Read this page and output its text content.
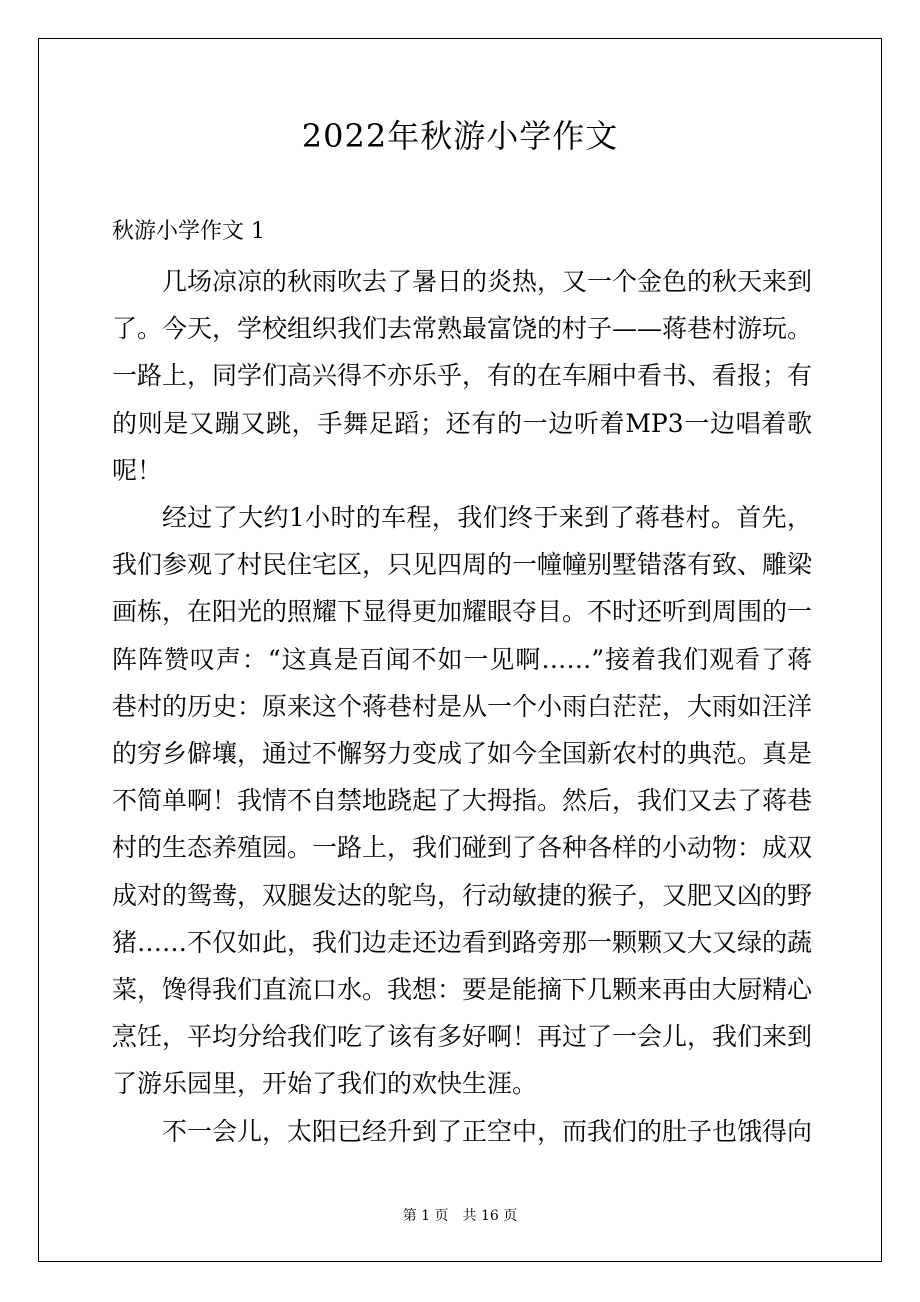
2022年秋游小学作文
秋游小学作文 1

几场凉凉的秋雨吹去了暑日的炎热，又一个金色的秋天来到了。今天，学校组织我们去常熟最富饶的村子——蒋巷村游玩。一路上，同学们高兴得不亦乐乎，有的在车厢中看书、看报；有的则是又蹦又跳，手舞足蹈；还有的一边听着MP3一边唱着歌呢！

经过了大约1小时的车程，我们终于来到了蒋巷村。首先，我们参观了村民住宅区，只见四周的一幢幢别墅错落有致、雕梁画栋，在阳光的照耀下显得更加耀眼夺目。不时还听到周围的一阵阵赞叹声：“这真是百闻不如一见啊……”接着我们观看了蒋巷村的历史：原来这个蒋巷村是从一个小雨白茫茫，大雨如汪洋的穷乡僻壤，通过不懈努力变成了如今全国新农村的典范。真是不简单啊！我情不自禁地跷起了大拇指。然后，我们又去了蒋巷村的生态养殖园。一路上，我们碰到了各种各样的小动物：成双成对的鸳鸯，双腿发达的鸵鸟，行动敏捷的猴子，又肥又凶的野猪……不仅如此，我们边走还边看到路旁那一颗颗又大又绿的蔬菜，馋得我们直流口水。我想：要是能摘下几颗来再由大厨精心烹饪，平均分给我们吃了该有多好啊！再过了一会儿，我们来到了游乐园里，开始了我们的欢快生涯。

不一会儿，太阳已经升到了正空中，而我们的肚子也饿得向

第 1 页　共 16 页
